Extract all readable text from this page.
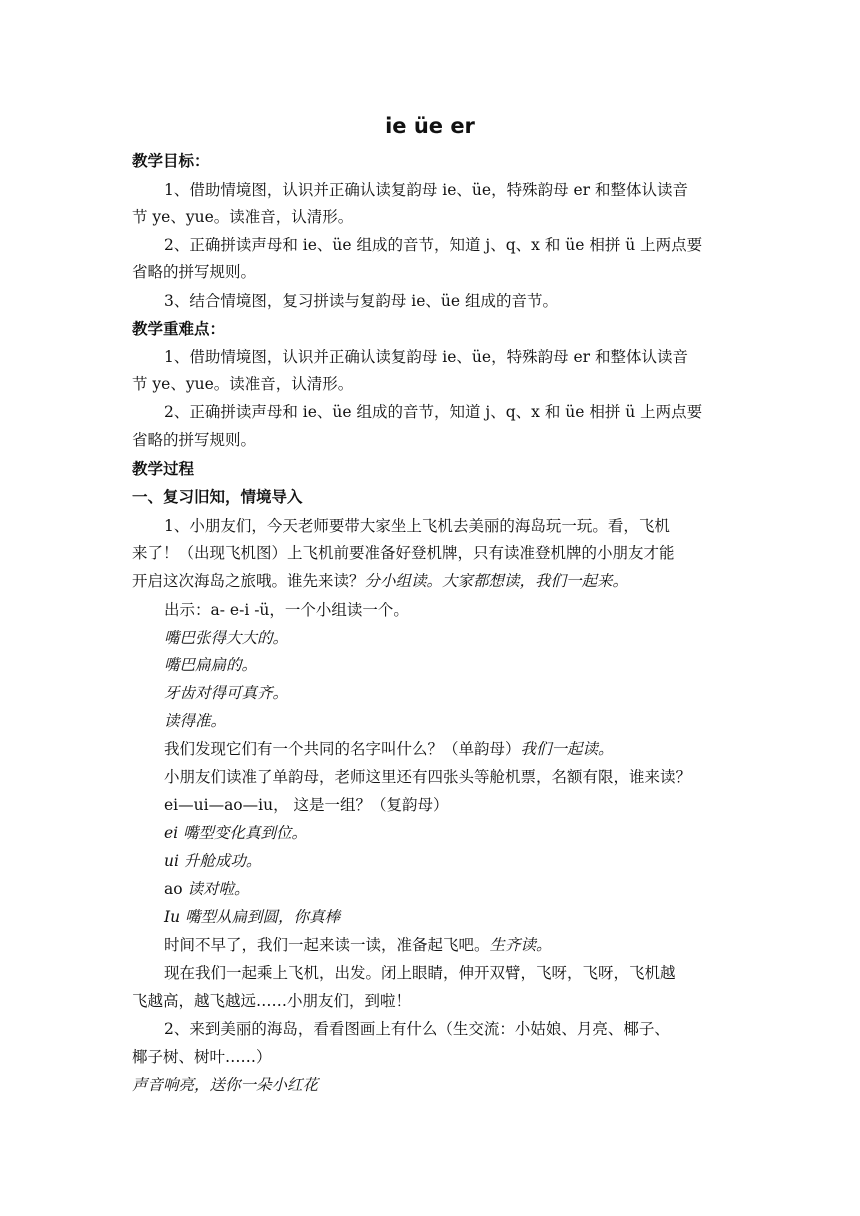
ie üe er
教学目标：
1、借助情境图，认识并正确认读复韵母 ie、üe，特殊韵母 er 和整体认读音
节 ye、yue。读准音，认清形。
2、正确拼读声母和 ie、üe 组成的音节，知道 j、q、x 和 üe 相拼 ü 上两点要
省略的拼写规则。
3、结合情境图，复习拼读与复韵母 ie、üe 组成的音节。
教学重难点：
1、借助情境图，认识并正确认读复韵母 ie、üe，特殊韵母 er 和整体认读音
节 ye、yue。读准音，认清形。
2、正确拼读声母和 ie、üe 组成的音节，知道 j、q、x 和 üe 相拼 ü 上两点要
省略的拼写规则。
教学过程
一、复习旧知，情境导入
1、小朋友们，今天老师要带大家坐上飞机去美丽的海岛玩一玩。看，飞机
来了！（出现飞机图）上飞机前要准备好登机牌，只有读准登机牌的小朋友才能
开启这次海岛之旅哦。谁先来读？分小组读。大家都想读，我们一起来。
出示：a- e-i -ü，一个小组读一个。
嘴巴张得大大的。
嘴巴扁扁的。
牙齿对得可真齐。
读得准。
我们发现它们有一个共同的名字叫什么？（单韵母）我们一起读。
小朋友们读准了单韵母，老师这里还有四张头等舱机票，名额有限，谁来读？
ei—ui—ao—iu， 这是一组？（复韵母）
ei 嘴型变化真到位。
ui 升舱成功。
ao 读对啦。
Iu 嘴型从扁到圆，你真棒
时间不早了，我们一起来读一读，准备起飞吧。生齐读。
现在我们一起乘上飞机，出发。闭上眼睛，伸开双臂，飞呀，飞呀，飞机越
飞越高，越飞越远……小朋友们，到啦！
2、来到美丽的海岛，看看图画上有什么（生交流：小姑娘、月亮、椰子、
椰子树、树叶……）
声音响亮，送你一朵小红花
